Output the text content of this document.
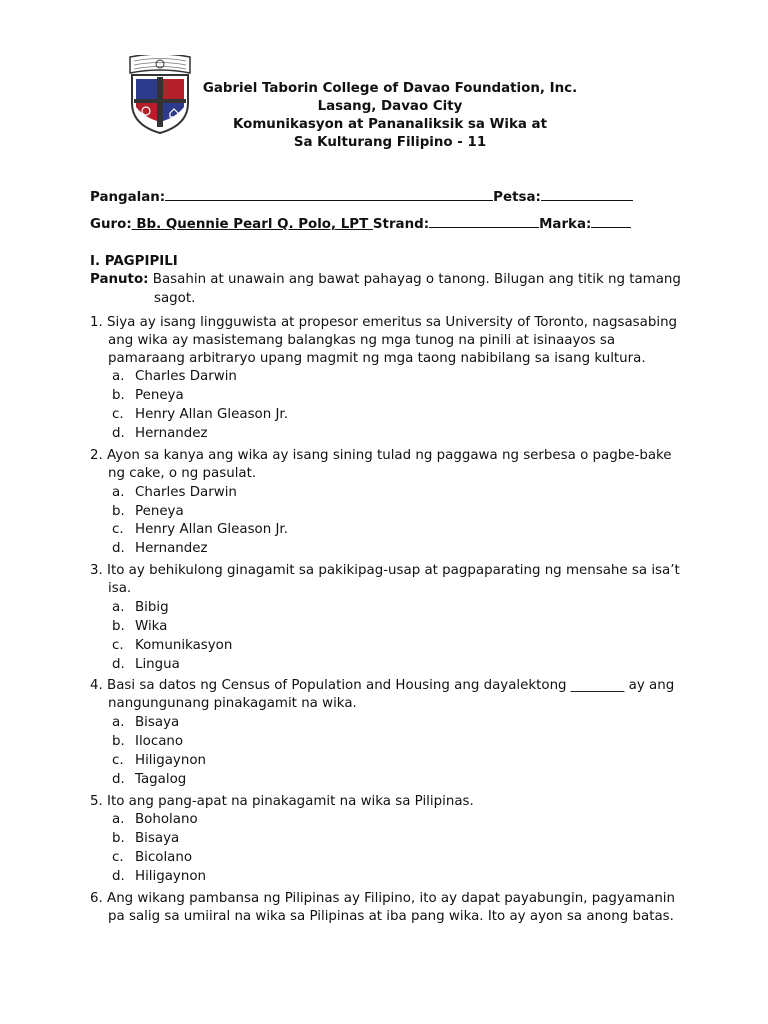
Gabriel Taborin College of Davao Foundation, Inc.
Lasang, Davao City
Komunikasyon at Pananaliksik sa Wika at
Sa Kulturang Filipino - 11
Pangalan:	Petsa:
Guro: Bb. Quennie Pearl Q. Polo, LPT Strand:	Marka:
I. PAGPIPILI
Panuto: Basahin at unawain ang bawat pahayag o tanong. Bilugan ang titik ng tamang
sagot.
1. Siya ay isang lingguwista at propesor emeritus sa University of Toronto, nagsasabing ang wika ay masistemang balangkas ng mga tunog na pinili at isinaayos sa pamaraang arbitraryo upang magmit ng mga taong nabibilang sa isang kultura.
a. Charles Darwin
b. Peneya
c. Henry Allan Gleason Jr.
d. Hernandez
2. Ayon sa kanya ang wika ay isang sining tulad ng paggawa ng serbesa o pagbe-bake ng cake, o ng pasulat.
a. Charles Darwin
b. Peneya
c. Henry Allan Gleason Jr.
d. Hernandez
3. Ito ay behikulong ginagamit sa pakikipag-usap at pagpaparating ng mensahe sa isa’t isa.
a. Bibig
b. Wika
c. Komunikasyon
d. Lingua
4. Basi sa datos ng Census of Population and Housing ang dayalektong ________ ay ang nangungunang pinakagamit na wika.
a. Bisaya
b. Ilocano
c. Hiligaynon
d. Tagalog
5. Ito ang pang-apat na pinakagamit na wika sa Pilipinas.
a. Boholano
b. Bisaya
c. Bicolano
d. Hiligaynon
6. Ang wikang pambansa ng Pilipinas ay Filipino, ito ay dapat payabungin, pagyamanin pa salig sa umiiral na wika sa Pilipinas at iba pang wika. Ito ay ayon sa anong batas.
